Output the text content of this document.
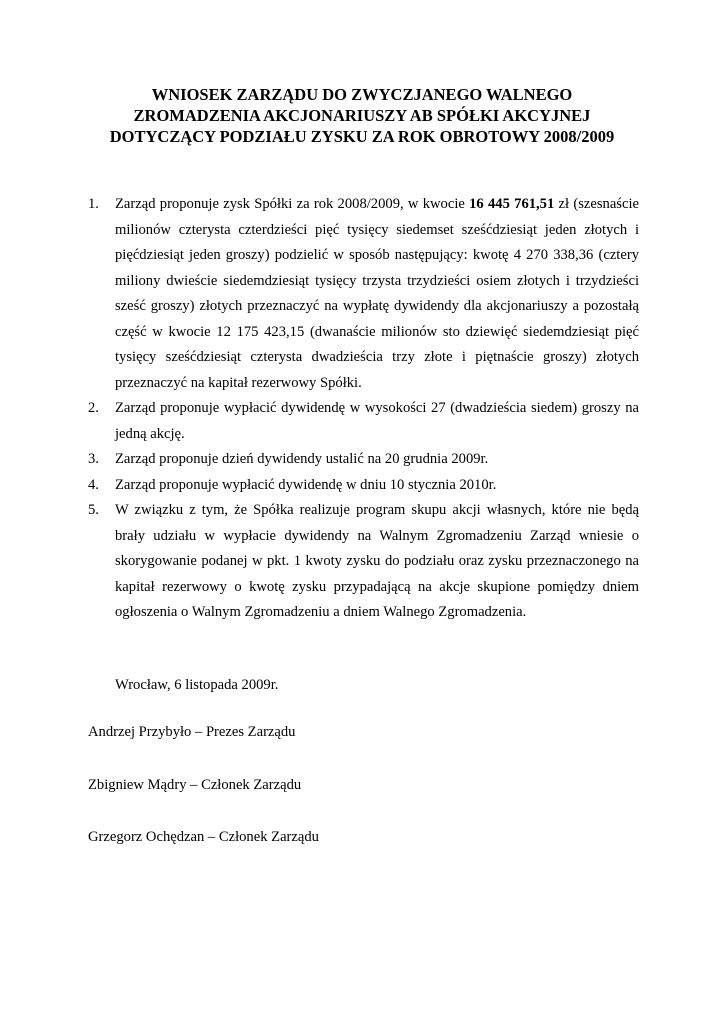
WNIOSEK ZARZĄDU DO ZWYCZJANEGO WALNEGO
ZROMADZENIA AKCJONARIUSZY AB SPÓŁKI AKCYJNEJ
DOTYCZĄCY PODZIAŁU ZYSKU ZA ROK OBROTOWY 2008/2009
1. Zarząd proponuje zysk Spółki za rok 2008/2009, w kwocie 16 445 761,51 zł (szesnaście
milionów czterysta czterdzieści pięć tysięcy siedemset sześćdziesiąt jeden złotych i
pięćdziesiąt jeden groszy) podzielić w sposób następujący: kwotę 4 270 338,36 (cztery
miliony dwieście siedemdziesiąt tysięcy trzysta trzydzieści osiem złotych i trzydzieści
sześć groszy) złotych przeznaczyć na wypłatę dywidendy dla akcjonariuszy a pozostałą
część w kwocie 12 175 423,15 (dwanaście milionów sto dziewięć siedemdziesiąt pięć
tysięcy sześćdziesiąt czterysta dwadzieścia trzy złote i piętnaście groszy) złotych
przeznaczyć na kapitał rezerwowy Spółki.
2. Zarząd proponuje wypłacić dywidendę w wysokości 27 (dwadzieścia siedem) groszy na
jedną akcję.
3. Zarząd proponuje dzień dywidendy ustalić na 20 grudnia 2009r.
4. Zarząd proponuje wypłacić dywidendę w dniu 10 stycznia 2010r.
5. W związku z tym, że Spółka realizuje program skupu akcji własnych, które nie będą
brały udziału w wypłacie dywidendy na Walnym Zgromadzeniu Zarząd wniesie o
skorygowanie podanej w pkt. 1 kwoty zysku do podziału oraz zysku przeznaczonego na
kapitał rezerwowy o kwotę zysku przypadającą na akcje skupione pomiędzy dniem
ogłoszenia o Walnym Zgromadzeniu a dniem Walnego Zgromadzenia.
Wrocław, 6 listopada 2009r.
Andrzej Przybyło – Prezes Zarządu
Zbigniew Mądry – Członek Zarządu
Grzegorz Ochędzan – Członek Zarządu
